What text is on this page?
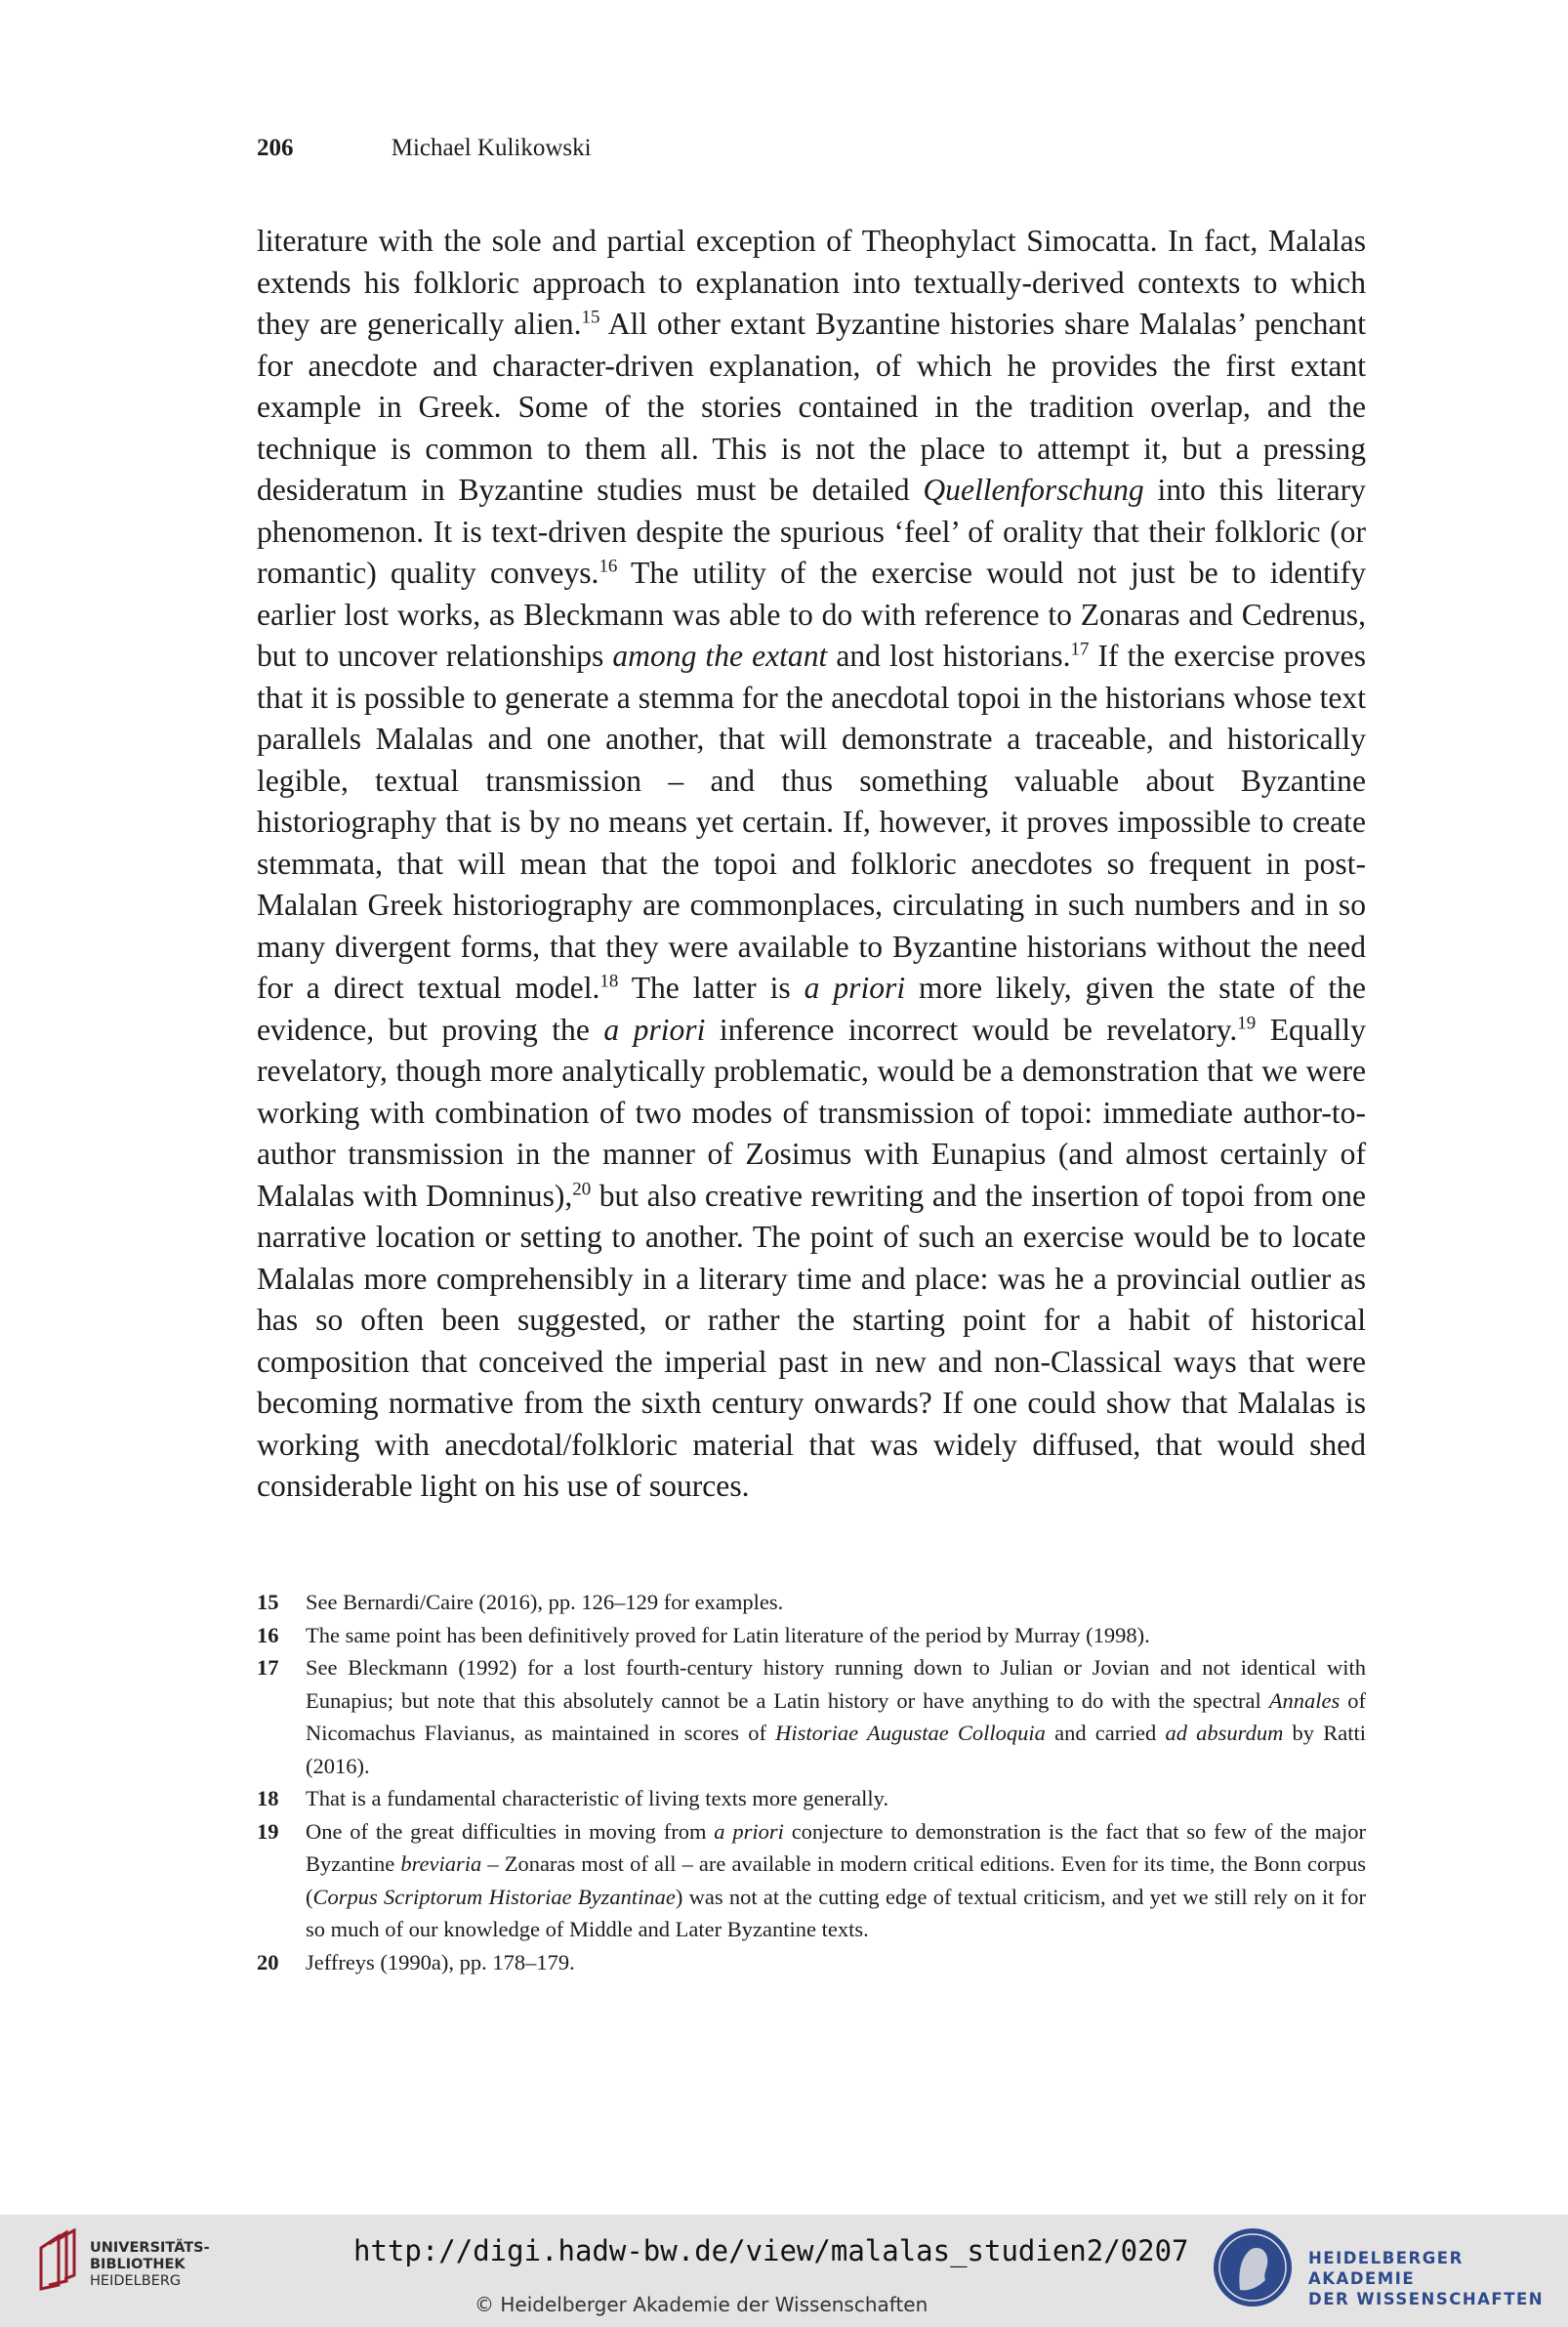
206	Michael Kulikowski
literature with the sole and partial exception of Theophylact Simocatta. In fact, Malalas extends his folkloric approach to explanation into textually-derived contexts to which they are generically alien.$^{15}$ All other extant Byzantine histories share Malalas’ penchant for anecdote and character-driven explanation, of which he provides the first extant example in Greek. Some of the stories contained in the tradition overlap, and the technique is common to them all. This is not the place to attempt it, but a pressing desideratum in Byzantine studies must be detailed Quellenforschung into this literary phenomenon. It is text-driven despite the spurious ‘feel’ of orality that their folkloric (or romantic) quality conveys.$^{16}$ The utility of the exercise would not just be to identify earlier lost works, as Bleckmann was able to do with reference to Zonaras and Cedrenus, but to uncover relationships among the extant and lost historians.$^{17}$ If the exercise proves that it is possible to generate a stemma for the anecdotal topoi in the historians whose text parallels Malalas and one another, that will demonstrate a traceable, and historically legible, textual transmission – and thus something valuable about Byzantine historiography that is by no means yet certain. If, however, it proves impossible to create stemmata, that will mean that the topoi and folkloric anecdotes so frequent in post-Malalan Greek historiography are commonplaces, circulating in such numbers and in so many divergent forms, that they were available to Byzantine historians without the need for a direct textual model.$^{18}$ The latter is a priori more likely, given the state of the evidence, but proving the a priori inference incorrect would be revelatory.$^{19}$ Equally revelatory, though more analytically problematic, would be a demonstration that we were working with combination of two modes of transmission of topoi: immediate author-to-author transmission in the manner of Zosimus with Eunapius (and almost certainly of Malalas with Domninus),$^{20}$ but also creative rewriting and the insertion of topoi from one narrative location or setting to another. The point of such an exercise would be to locate Malalas more comprehensibly in a literary time and place: was he a provincial outlier as has so often been suggested, or rather the starting point for a habit of historical composition that conceived the imperial past in new and non-Classical ways that were becoming normative from the sixth century onwards? If one could show that Malalas is working with anecdotal/folkloric material that was widely diffused, that would shed considerable light on his use of sources.
15	See Bernardi/Caire (2016), pp. 126–129 for examples.
16	The same point has been definitively proved for Latin literature of the period by Murray (1998).
17	See Bleckmann (1992) for a lost fourth-century history running down to Julian or Jovian and not identical with Eunapius; but note that this absolutely cannot be a Latin history or have anything to do with the spectral Annales of Nicomachus Flavianus, as maintained in scores of Historiae Augustae Colloquia and carried ad absurdum by Ratti (2016).
18	That is a fundamental characteristic of living texts more generally.
19	One of the great difficulties in moving from a priori conjecture to demonstration is the fact that so few of the major Byzantine breviaria – Zonaras most of all – are available in modern critical editions. Even for its time, the Bonn corpus (Corpus Scriptorum Historiae Byzantinae) was not at the cutting edge of textual criticism, and yet we still rely on it for so much of our knowledge of Middle and Later Byzantine texts.
20	Jeffreys (1990a), pp. 178–179.
UNIVERSITÄTS-
BIBLIOTHEK
HEIDELBERG
http://digi.hadw-bw.de/view/malalas_studien2/0207
© Heidelberger Akademie der Wissenschaften
HEIDELBERGER AKADEMIE
DER WISSENSCHAFTEN
